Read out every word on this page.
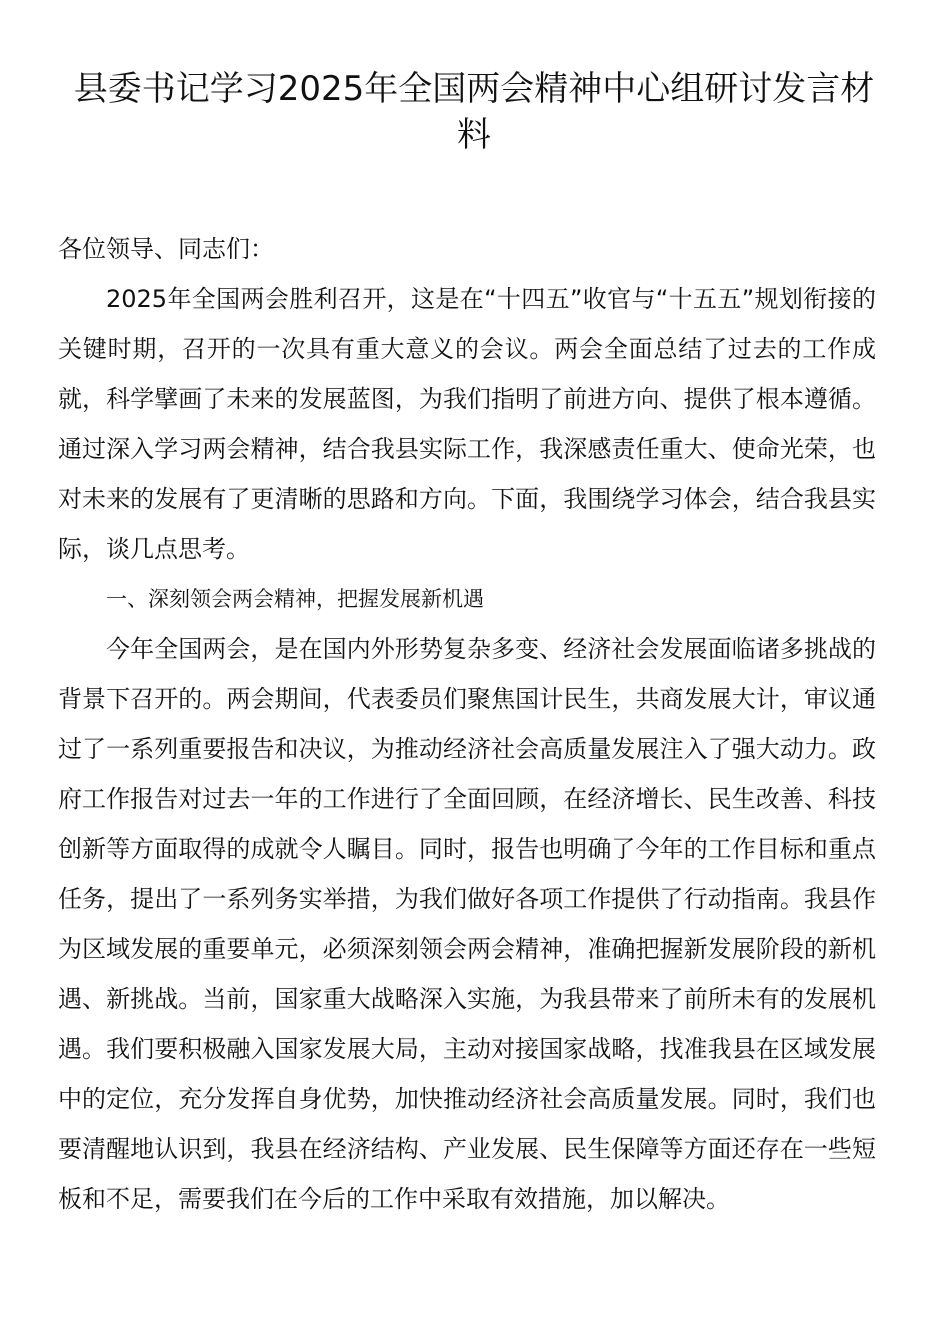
县委书记学习2025年全国两会精神中心组研讨发言材料

各位领导、同志们：

2025年全国两会胜利召开，这是在“十四五”收官与“十五五”规划衔接的关键时期，召开的一次具有重大意义的会议。两会全面总结了过去的工作成就，科学擘画了未来的发展蓝图，为我们指明了前进方向、提供了根本遵循。通过深入学习两会精神，结合我县实际工作，我深感责任重大、使命光荣，也对未来的发展有了更清晰的思路和方向。下面，我围绕学习体会，结合我县实际，谈几点思考。

一、深刻领会两会精神，把握发展新机遇

今年全国两会，是在国内外形势复杂多变、经济社会发展面临诸多挑战的背景下召开的。两会期间，代表委员们聚焦国计民生，共商发展大计，审议通过了一系列重要报告和决议，为推动经济社会高质量发展注入了强大动力。政府工作报告对过去一年的工作进行了全面回顾，在经济增长、民生改善、科技创新等方面取得的成就令人瞩目。同时，报告也明确了今年的工作目标和重点任务，提出了一系列务实举措，为我们做好各项工作提供了行动指南。我县作为区域发展的重要单元，必须深刻领会两会精神，准确把握新发展阶段的新机遇、新挑战。当前，国家重大战略深入实施，为我县带来了前所未有的发展机遇。我们要积极融入国家发展大局，主动对接国家战略，找准我县在区域发展中的定位，充分发挥自身优势，加快推动经济社会高质量发展。同时，我们也要清醒地认识到，我县在经济结构、产业发展、民生保障等方面还存在一些短板和不足，需要我们在今后的工作中采取有效措施，加以解决。
